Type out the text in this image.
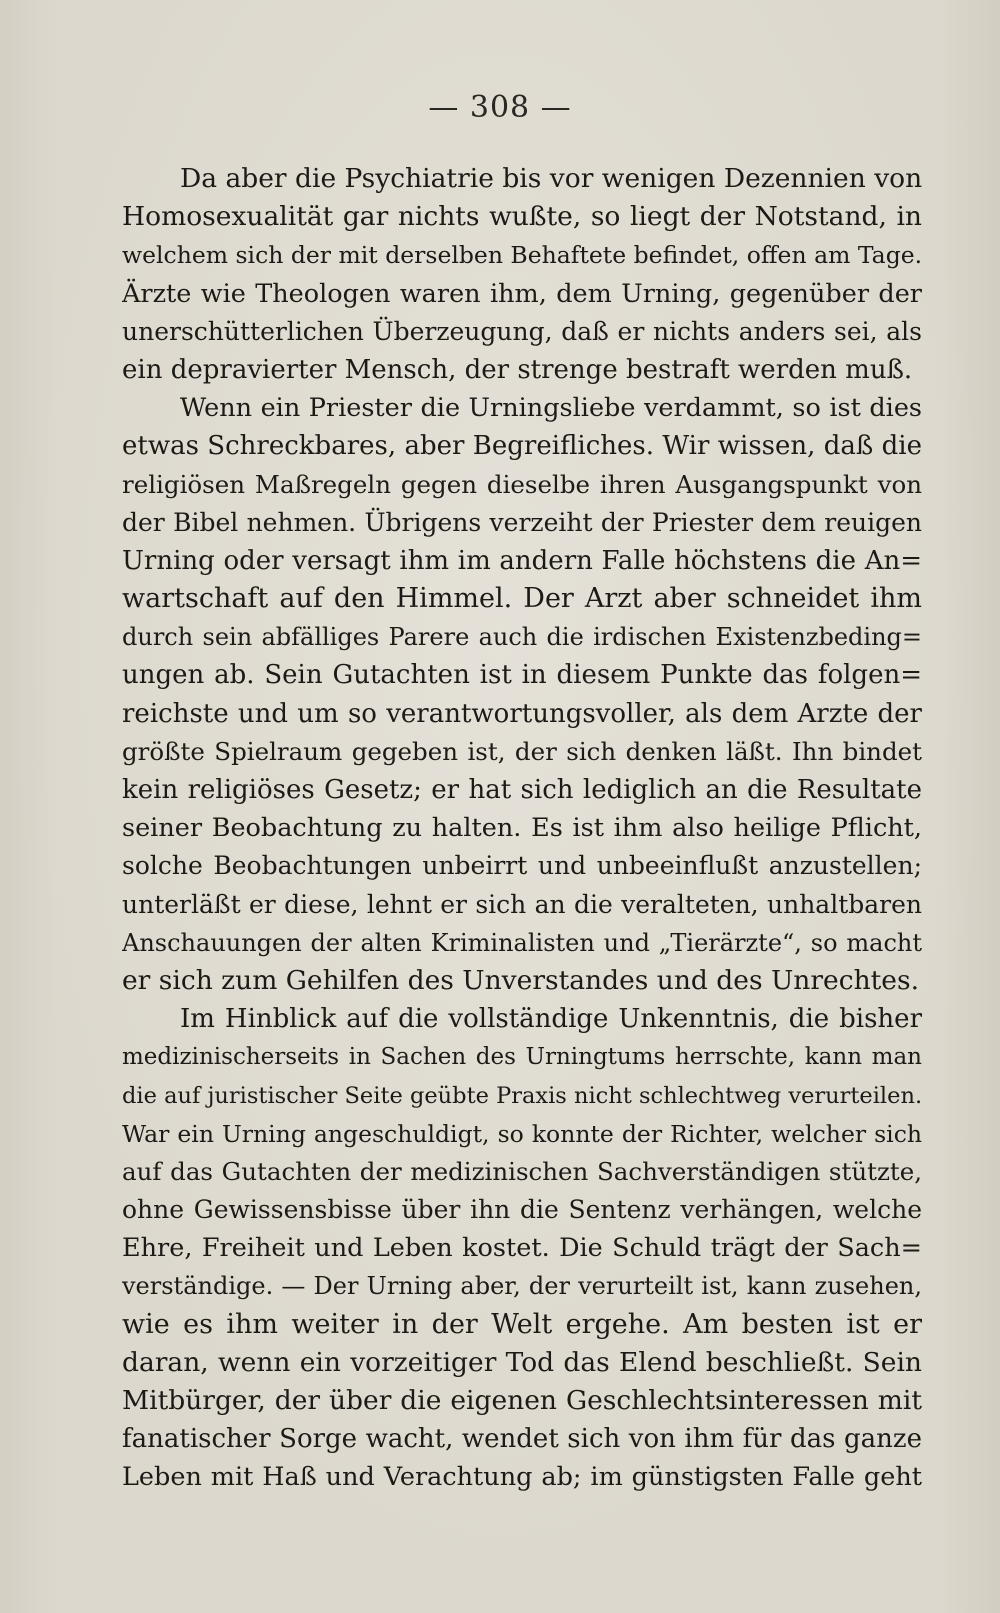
— 308 —
Da aber die Psychiatrie bis vor wenigen Dezennien von
Homosexualität gar nichts wußte, so liegt der Notstand, in
welchem sich der mit derselben Behaftete befindet, offen am Tage.
Ärzte wie Theologen waren ihm, dem Urning, gegenüber der
unerschütterlichen Überzeugung, daß er nichts anders sei, als
ein depravierter Mensch, der strenge bestraft werden muß.
Wenn ein Priester die Urningsliebe verdammt, so ist dies
etwas Schreckbares, aber Begreifliches. Wir wissen, daß die
religiösen Maßregeln gegen dieselbe ihren Ausgangspunkt von
der Bibel nehmen. Übrigens verzeiht der Priester dem reuigen
Urning oder versagt ihm im andern Falle höchstens die An=
wartschaft auf den Himmel. Der Arzt aber schneidet ihm
durch sein abfälliges Parere auch die irdischen Existenzbeding=
ungen ab. Sein Gutachten ist in diesem Punkte das folgen=
reichste und um so verantwortungsvoller, als dem Arzte der
größte Spielraum gegeben ist, der sich denken läßt. Ihn bindet
kein religiöses Gesetz; er hat sich lediglich an die Resultate
seiner Beobachtung zu halten. Es ist ihm also heilige Pflicht,
solche Beobachtungen unbeirrt und unbeeinflußt anzustellen;
unterläßt er diese, lehnt er sich an die veralteten, unhaltbaren
Anschauungen der alten Kriminalisten und „Tierärzte“, so macht
er sich zum Gehilfen des Unverstandes und des Unrechtes.
Im Hinblick auf die vollständige Unkenntnis, die bisher
medizinischerseits in Sachen des Urningtums herrschte, kann man
die auf juristischer Seite geübte Praxis nicht schlechtweg verurteilen.
War ein Urning angeschuldigt, so konnte der Richter, welcher sich
auf das Gutachten der medizinischen Sachverständigen stützte,
ohne Gewissensbisse über ihn die Sentenz verhängen, welche
Ehre, Freiheit und Leben kostet. Die Schuld trägt der Sach=
verständige. — Der Urning aber, der verurteilt ist, kann zusehen,
wie es ihm weiter in der Welt ergehe. Am besten ist er
daran, wenn ein vorzeitiger Tod das Elend beschließt. Sein
Mitbürger, der über die eigenen Geschlechtsinteressen mit
fanatischer Sorge wacht, wendet sich von ihm für das ganze
Leben mit Haß und Verachtung ab; im günstigsten Falle geht
